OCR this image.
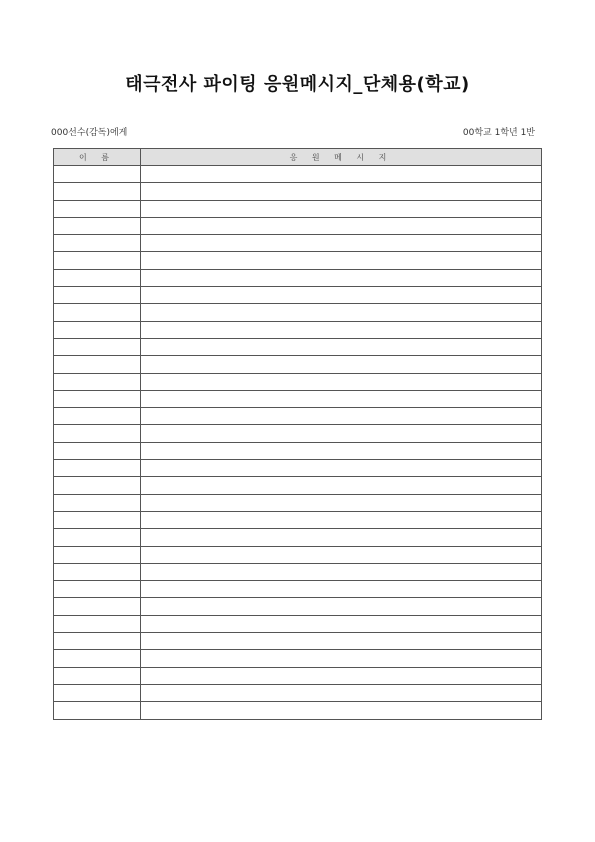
태극전사 파이팅 응원메시지_단체용(학교)
000선수(감독)에게	00학교 1학년 1반
이 름	응 원 메 시 지
